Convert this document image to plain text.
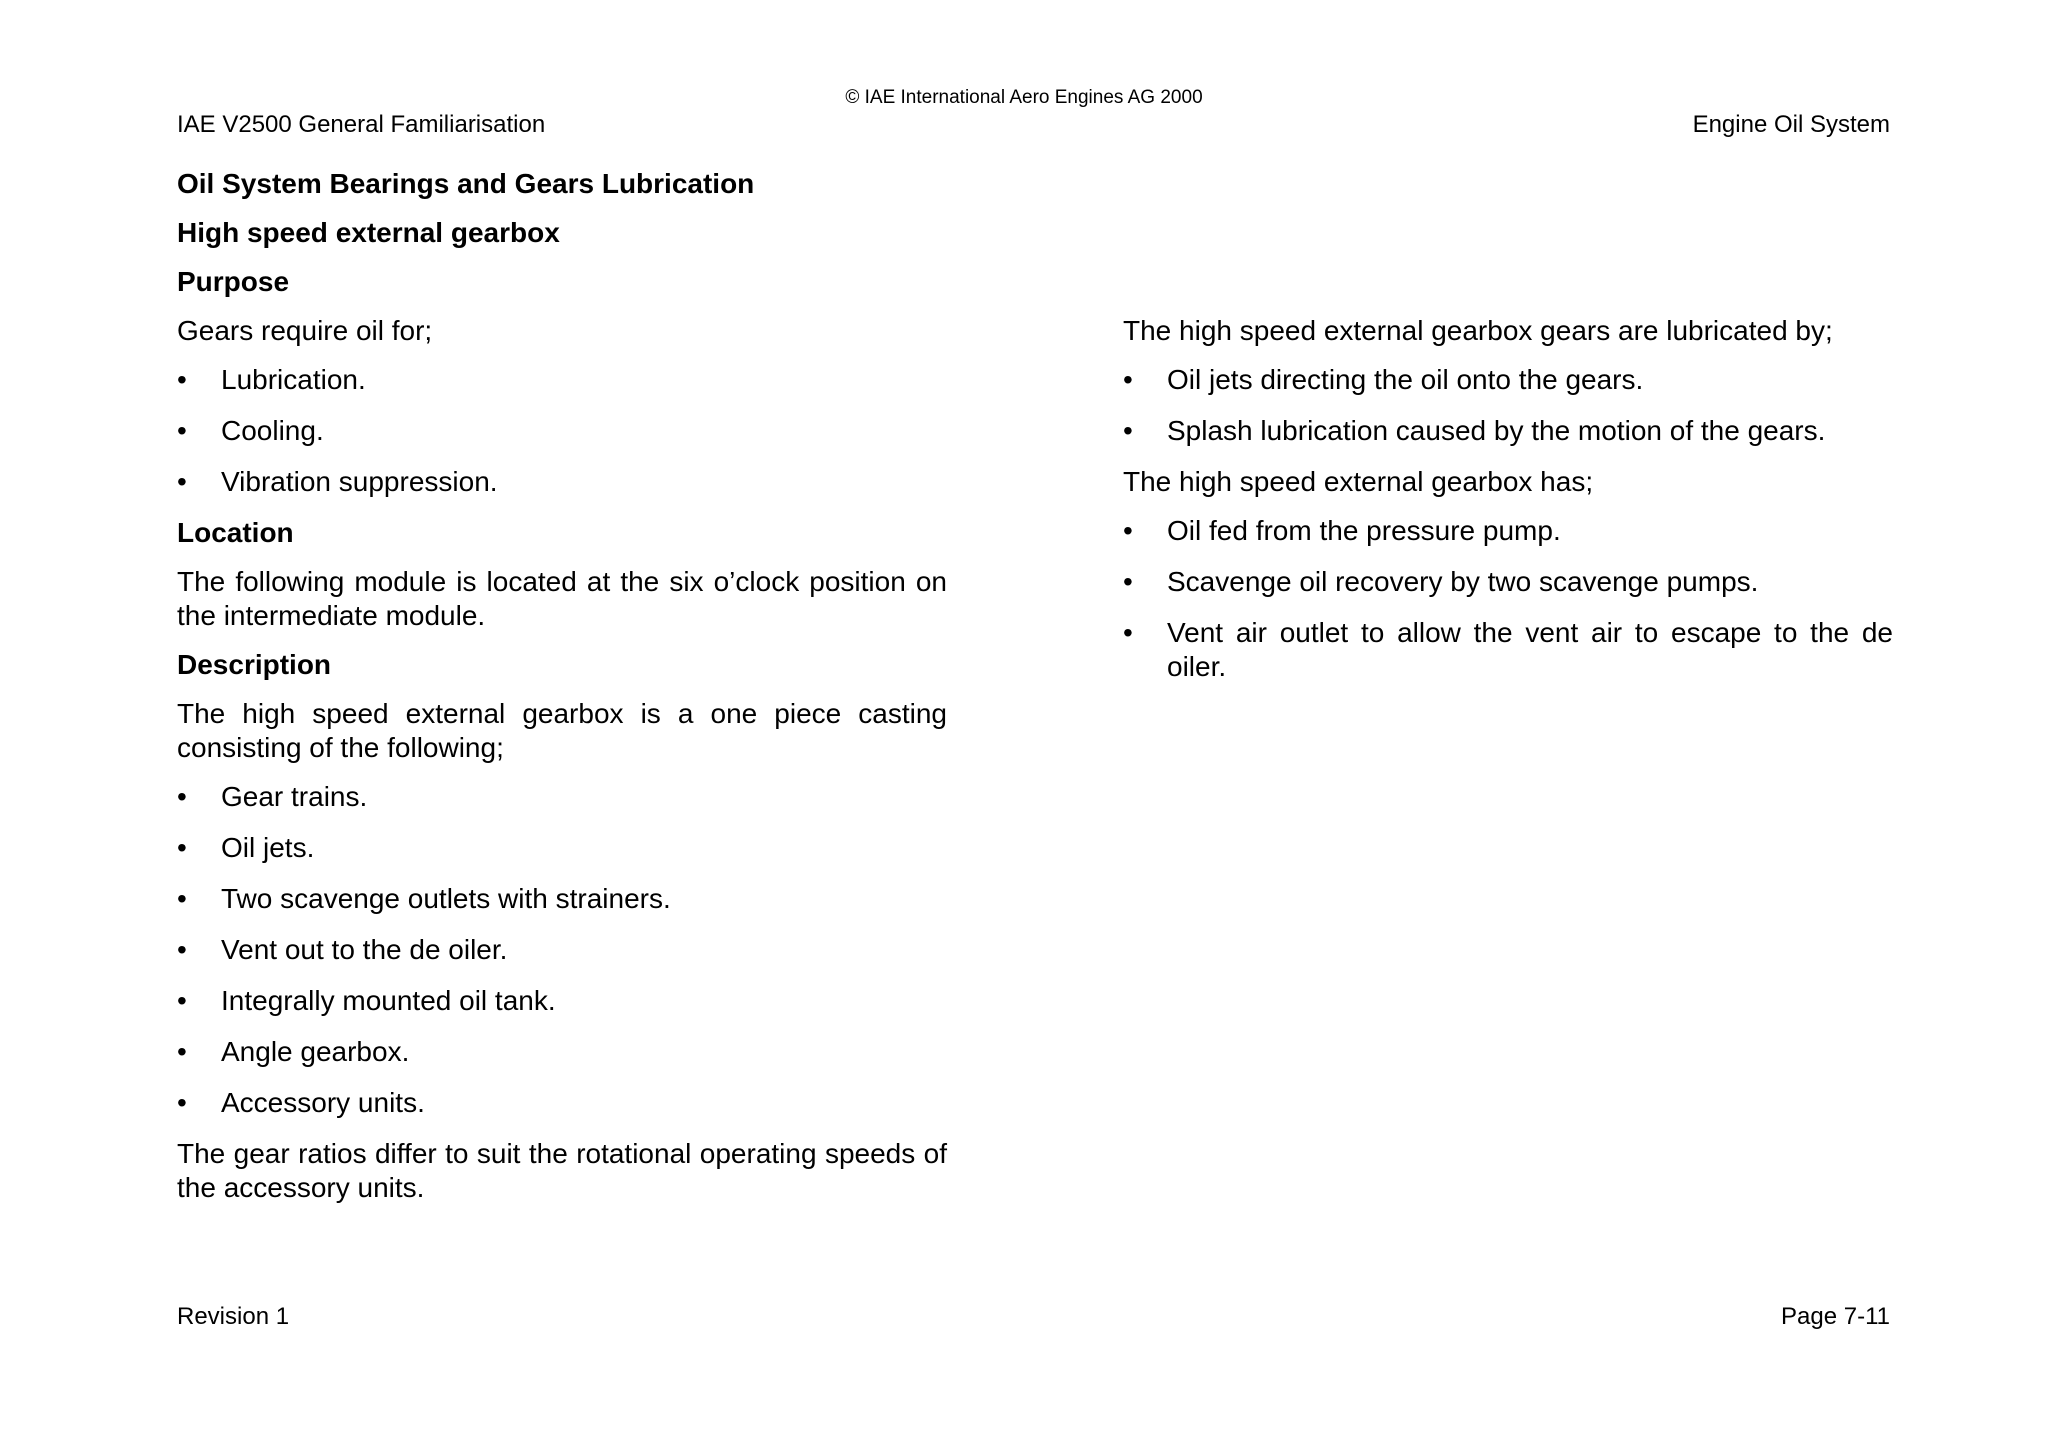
© IAE International Aero Engines AG 2000
IAE V2500 General Familiarisation	Engine Oil System
Oil System Bearings and Gears Lubrication
High speed external gearbox
Purpose
Gears require oil for;
• Lubrication.
• Cooling.
• Vibration suppression.
Location
The following module is located at the six o’clock position on the intermediate module.
Description
The high speed external gearbox is a one piece casting consisting of the following;
• Gear trains.
• Oil jets.
• Two scavenge outlets with strainers.
• Vent out to the de oiler.
• Integrally mounted oil tank.
• Angle gearbox.
• Accessory units.
The gear ratios differ to suit the rotational operating speeds of the accessory units.
The high speed external gearbox gears are lubricated by;
• Oil jets directing the oil onto the gears.
• Splash lubrication caused by the motion of the gears.
The high speed external gearbox has;
• Oil fed from the pressure pump.
• Scavenge oil recovery by two scavenge pumps.
• Vent air outlet to allow the vent air to escape to the de oiler.
Revision 1	Page 7-11
